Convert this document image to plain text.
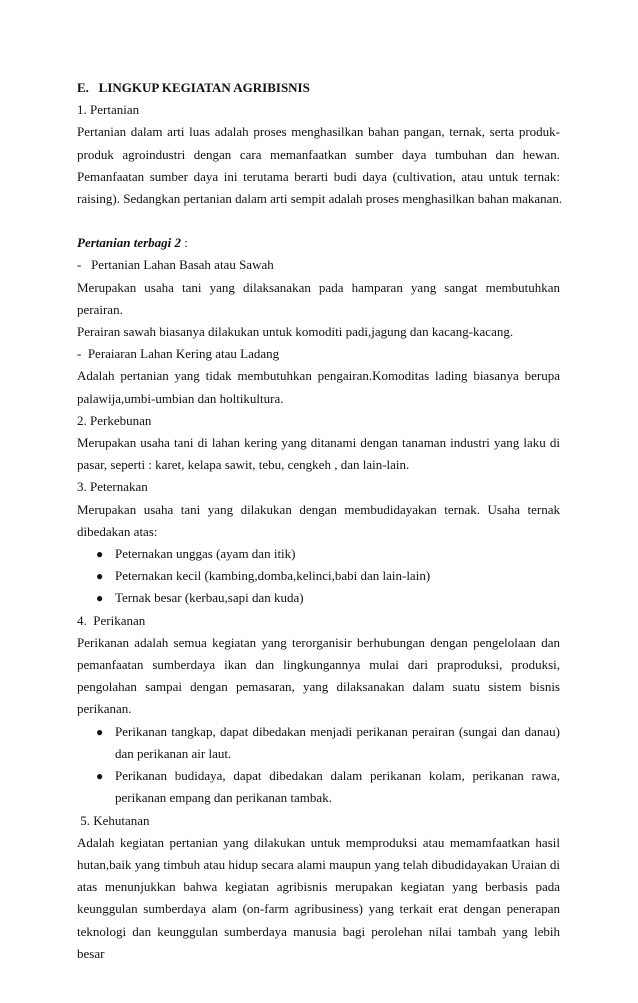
E.   LINGKUP KEGIATAN AGRIBISNIS
1. Pertanian
Pertanian dalam arti luas adalah proses menghasilkan bahan pangan, ternak, serta produk-
produk agroindustri dengan cara memanfaatkan sumber daya tumbuhan dan hewan.
Pemanfaatan sumber daya ini terutama berarti budi daya (cultivation, atau untuk ternak:
raising). Sedangkan pertanian dalam arti sempit adalah proses menghasilkan bahan makanan.
Pertanian terbagi 2 :
-   Pertanian Lahan Basah atau Sawah
Merupakan usaha tani yang dilaksanakan pada hamparan yang sangat membutuhkan perairan.
Perairan sawah biasanya dilakukan untuk komoditi padi,jagung dan kacang-kacang.
-  Peraiaran Lahan Kering atau Ladang
Adalah pertanian yang tidak membutuhkan pengairan.Komoditas lading biasanya berupa
palawija,umbi-umbian dan holtikultura.
2. Perkebunan
Merupakan usaha tani di lahan kering yang ditanami dengan tanaman industri yang laku di
pasar, seperti : karet, kelapa sawit, tebu, cengkeh , dan lain-lain.
3. Peternakan
Merupakan usaha tani yang dilakukan dengan membudidayakan ternak. Usaha ternak
dibedakan atas:
● Peternakan unggas (ayam dan itik)
● Peternakan kecil (kambing,domba,kelinci,babi dan lain-lain)
● Ternak besar (kerbau,sapi dan kuda)
4.  Perikanan
Perikanan adalah semua kegiatan yang terorganisir berhubungan dengan pengelolaan dan
pemanfaatan sumberdaya ikan dan lingkungannya mulai dari praproduksi, produksi,
pengolahan sampai dengan pemasaran, yang dilaksanakan dalam suatu sistem bisnis
perikanan.
● Perikanan tangkap, dapat dibedakan menjadi perikanan perairan (sungai dan danau)
dan perikanan air laut.
● Perikanan budidaya, dapat dibedakan dalam perikanan kolam, perikanan rawa,
perikanan empang dan perikanan tambak.
5. Kehutanan
Adalah kegiatan pertanian yang dilakukan untuk memproduksi atau memamfaatkan hasil
hutan,baik yang timbuh atau hidup secara alami maupun yang telah dibudidayakan Uraian di
atas menunjukkan bahwa kegiatan agribisnis merupakan kegiatan yang berbasis pada
keunggulan sumberdaya alam (on-farm agribusiness) yang terkait erat dengan penerapan
teknologi dan keunggulan sumberdaya manusia bagi perolehan nilai tambah yang lebih besar
